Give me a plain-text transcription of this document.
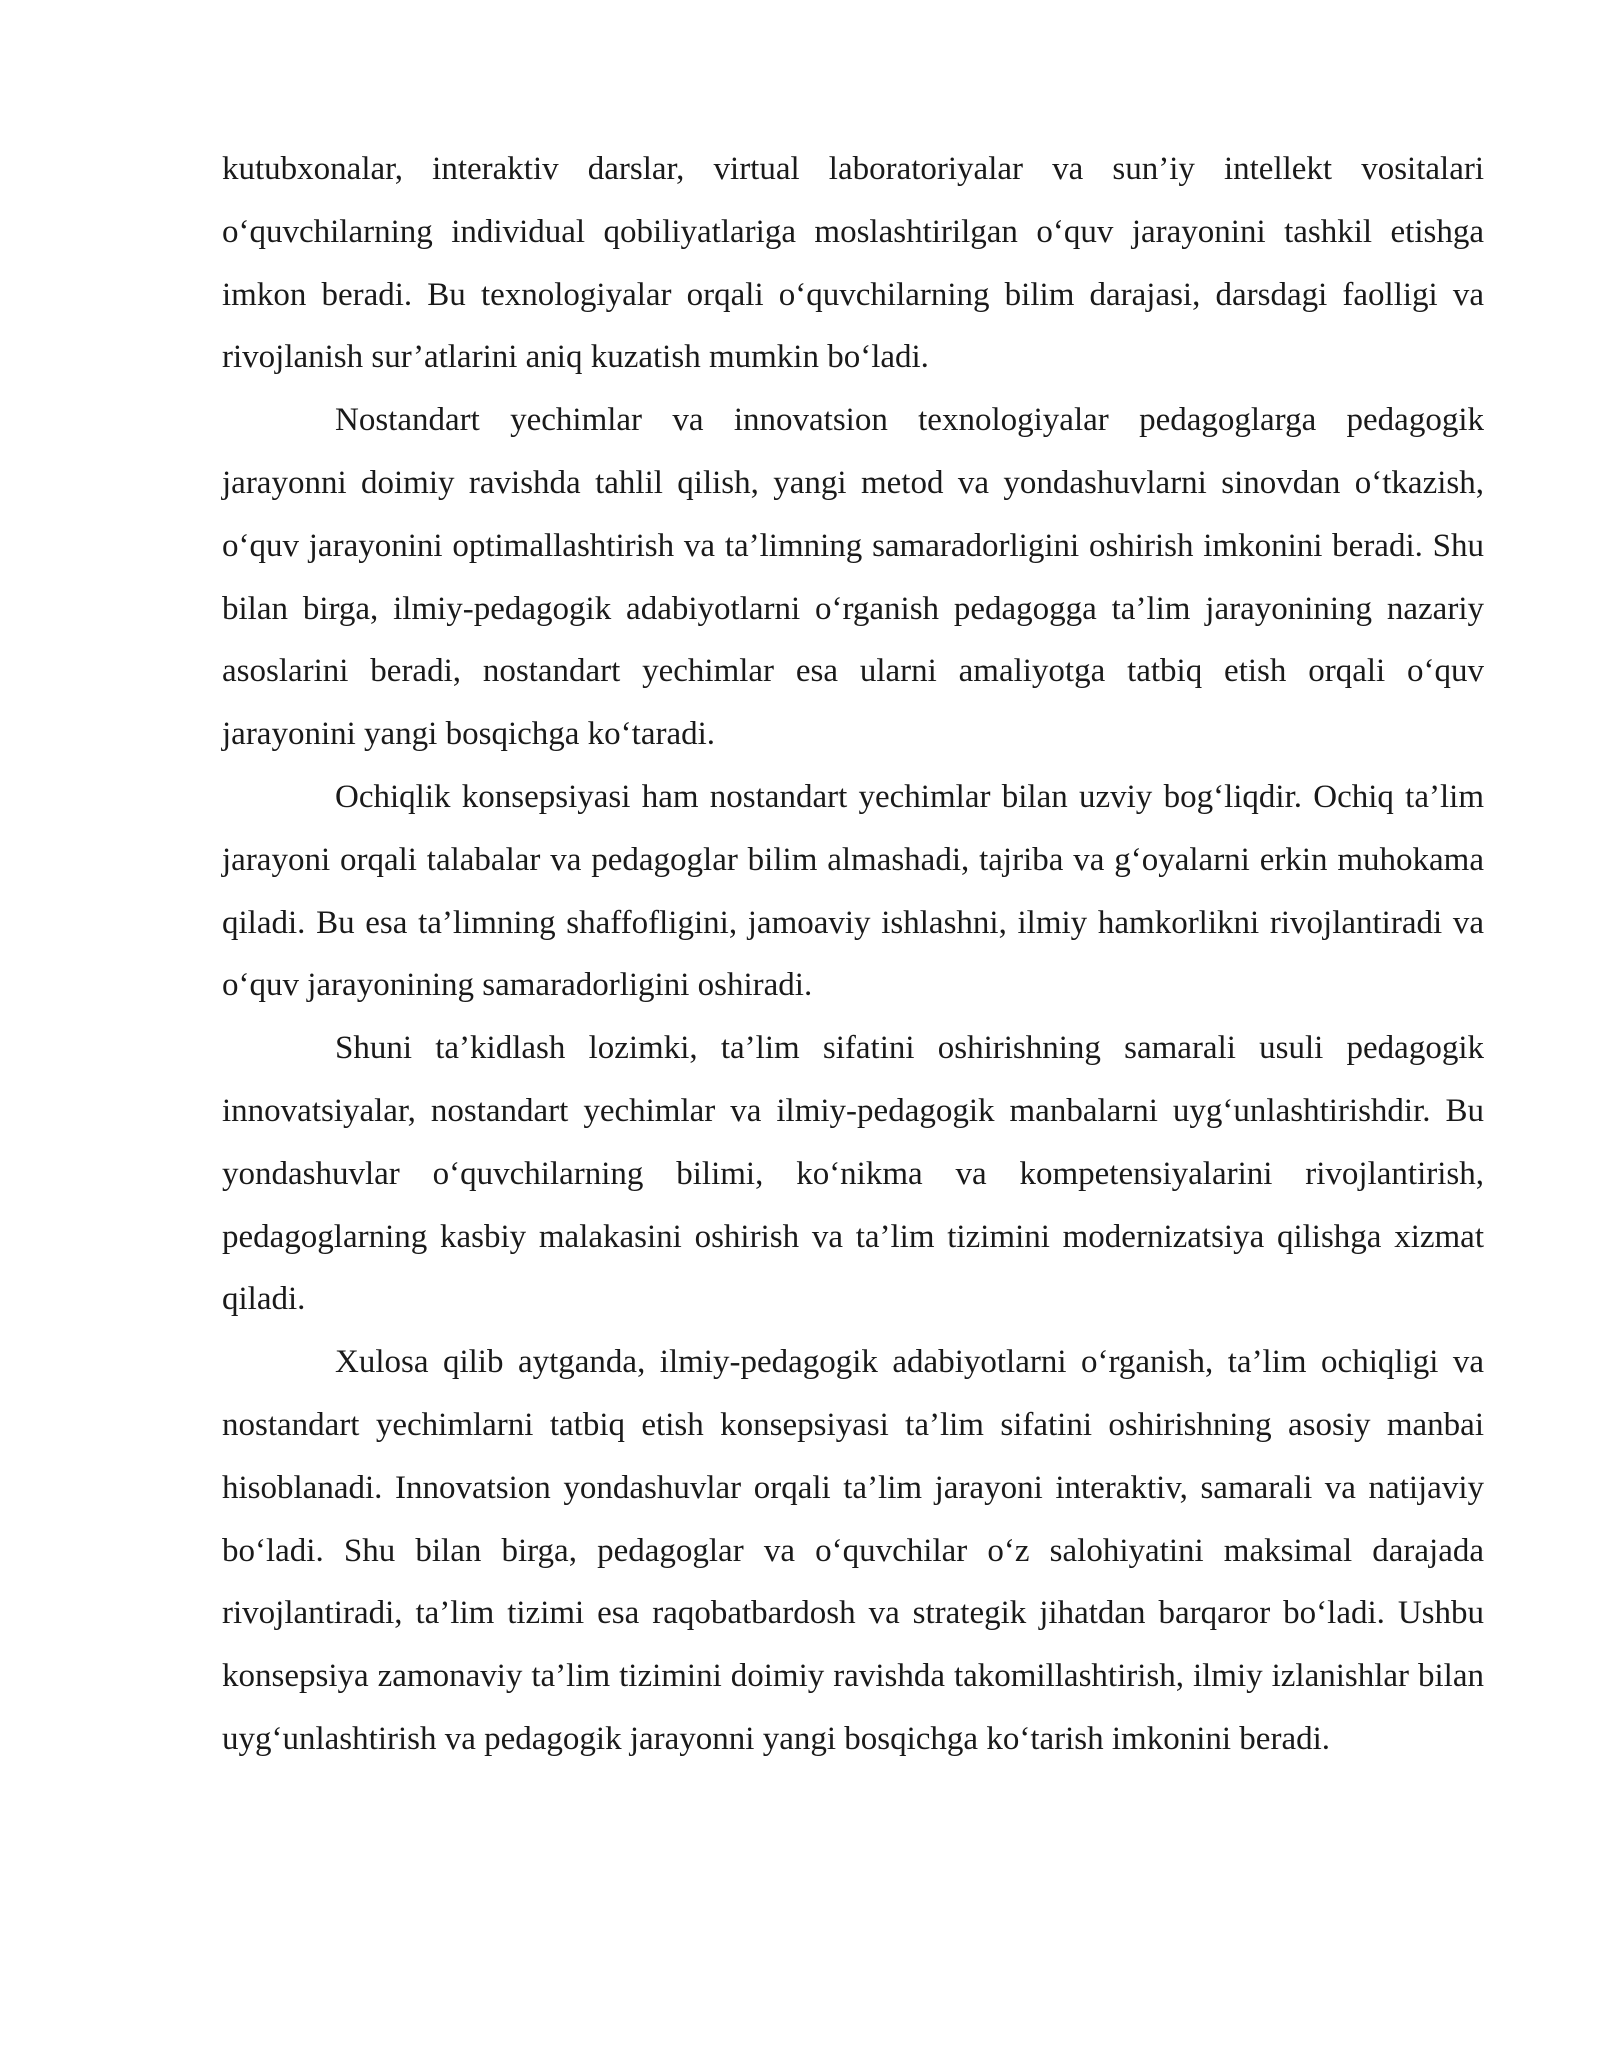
kutubxonalar, interaktiv darslar, virtual laboratoriyalar va sun’iy intellekt vositalari o‘quvchilarning individual qobiliyatlariga moslashtirilgan o‘quv jarayonini tashkil etishga imkon beradi. Bu texnologiyalar orqali o‘quvchilarning bilim darajasi, darsdagi faolligi va rivojlanish sur’atlarini aniq kuzatish mumkin bo‘ladi.

Nostandart yechimlar va innovatsion texnologiyalar pedagoglarga pedagogik jarayonni doimiy ravishda tahlil qilish, yangi metod va yondashuvlarni sinovdan o‘tkazish, o‘quv jarayonini optimallashtirish va ta’limning samaradorligini oshirish imkonini beradi. Shu bilan birga, ilmiy-pedagogik adabiyotlarni o‘rganish pedagogga ta’lim jarayonining nazariy asoslarini beradi, nostandart yechimlar esa ularni amaliyotga tatbiq etish orqali o‘quv jarayonini yangi bosqichga ko‘taradi.

Ochiqlik konsepsiyasi ham nostandart yechimlar bilan uzviy bog‘liqdir. Ochiq ta’lim jarayoni orqali talabalar va pedagoglar bilim almashadi, tajriba va g‘oyalarni erkin muhokama qiladi. Bu esa ta’limning shaffofligini, jamoaviy ishlashni, ilmiy hamkorlikni rivojlantiradi va o‘quv jarayonining samaradorligini oshiradi.

Shuni ta’kidlash lozimki, ta’lim sifatini oshirishning samarali usuli pedagogik innovatsiyalar, nostandart yechimlar va ilmiy-pedagogik manbalarni uyg‘unlashtirishdir. Bu yondashuvlar o‘quvchilarning bilimi, ko‘nikma va kompetensiyalarini rivojlantirish, pedagoglarning kasbiy malakasini oshirish va ta’lim tizimini modernizatsiya qilishga xizmat qiladi.

Xulosa qilib aytganda, ilmiy-pedagogik adabiyotlarni o‘rganish, ta’lim ochiqligi va nostandart yechimlarni tatbiq etish konsepsiyasi ta’lim sifatini oshirishning asosiy manbai hisoblanadi. Innovatsion yondashuvlar orqali ta’lim jarayoni interaktiv, samarali va natijaviy bo‘ladi. Shu bilan birga, pedagoglar va o‘quvchilar o‘z salohiyatini maksimal darajada rivojlantiradi, ta’lim tizimi esa raqobatbardosh va strategik jihatdan barqaror bo‘ladi. Ushbu konsepsiya zamonaviy ta’lim tizimini doimiy ravishda takomillashtirish, ilmiy izlanishlar bilan uyg‘unlashtirish va pedagogik jarayonni yangi bosqichga ko‘tarish imkonini beradi.
